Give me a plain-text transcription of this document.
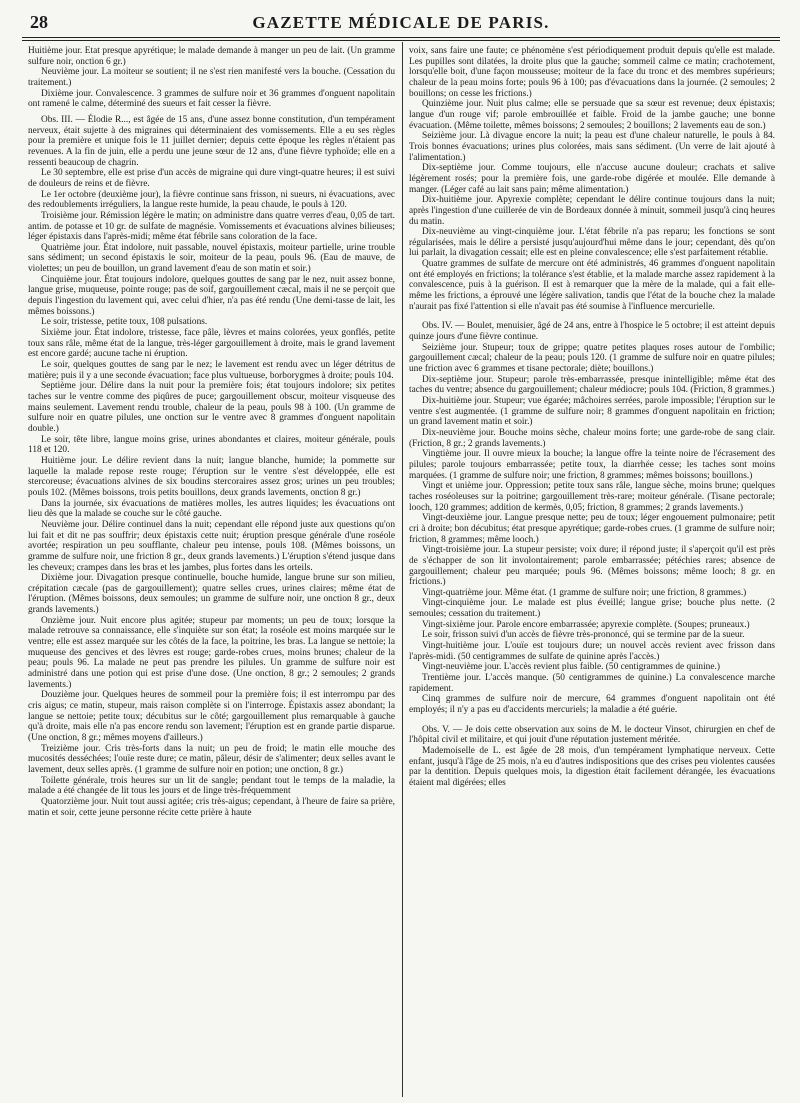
28	GAZETTE MÉDICALE DE PARIS.

Huitième jour. État presque apyrétique; le malade demande à manger un peu de lait. (Un gramme sulfure noir, onction 6 gr.)

Neuvième jour. La moiteur se soutient; il ne s'est rien manifesté vers la bouche. (Cessation du traitement.)

Dixième jour. Convalescence. 3 grammes de sulfure noir et 36 grammes d'onguent napolitain ont ramené le calme, déterminé des sueurs et fait cesser la fièvre.

Obs. III. — Élodie R..., est âgée de 15 ans, d'une assez bonne constitution, d'un tempérament nerveux, était sujette à des migraines qui déterminaient des vomissements. Elle a eu ses règles pour la première et unique fois le 11 juillet dernier; depuis cette époque les règles n'étaient pas revenues. A la fin de juin, elle a perdu une jeune sœur de 12 ans, d'une fièvre typhoïde; elle en a ressenti beaucoup de chagrin.

Le 30 septembre, elle est prise d'un accès de migraine qui dure vingt-quatre heures; il est suivi de douleurs de reins et de fièvre.

Le 1er octobre (deuxième jour), la fièvre continue sans frisson, ni sueurs, ni évacuations, avec des redoublements irréguliers, la langue reste humide, la peau chaude, le pouls à 120.

Troisième jour. Rémission légère le matin; on administre dans quatre verres d'eau, 0,05 de tart. antim. de potasse et 10 gr. de sulfate de magnésie. Vomissements et évacuations alvines bilieuses; léger épistaxis dans l'après-midi; même état fébrile sans coloration de la face.

Quatrième jour. État indolore, nuit passable, nouvel épistaxis, moiteur partielle, urine trouble sans sédiment; un second épistaxis le soir, moiteur de la peau, pouls 96. (Eau de mauve, de violettes; un peu de bouillon, un grand lavement d'eau de son matin et soir.)

Cinquième jour. État toujours indolore, quelques gouttes de sang par le nez, nuit assez bonne, langue grise, muqueuse, pointe rouge; pas de soif, gargouillement cæcal, mais il ne se perçoit que depuis l'ingestion du lavement qui, avec celui d'hier, n'a pas été rendu (Une demi-tasse de lait, les mêmes boissons.)

Le soir, tristesse, petite toux, 108 pulsations.

Sixième jour. État indolore, tristesse, face pâle, lèvres et mains colorées, yeux gonflés, petite toux sans râle, même état de la langue, très-léger gargouillement à droite, mais le grand lavement est encore gardé; aucune tache ni éruption.

Le soir, quelques gouttes de sang par le nez; le lavement est rendu avec un léger détritus de matière; puis il y a une seconde évacuation; face plus vultueuse, borborygmes à droite; pouls 104.

Septième jour. Délire dans la nuit pour la première fois; état toujours indolore; six petites taches sur le ventre comme des piqûres de puce; gargouillement obscur, moiteur visqueuse des mains seulement. Lavement rendu trouble, chaleur de la peau, pouls 98 à 100. (Un gramme de sulfure noir en quatre pilules, une onction sur le ventre avec 8 grammes d'onguent napolitain double.)

Le soir, tête libre, langue moins grise, urines abondantes et claires, moiteur générale, pouls 118 et 120.

Huitième jour. Le délire revient dans la nuit; langue blanche, humide; la pommette sur laquelle la malade repose reste rouge; l'éruption sur le ventre s'est développée, elle est stercoreuse; évacuations alvines de six boudins stercoraires assez gros; urines un peu troubles; pouls 102. (Mêmes boissons, trois petits bouillons, deux grands lavements, onction 8 gr.)

Dans la journée, six évacuations de matières molles, les autres liquides; les évacuations ont lieu dès que la malade se couche sur le côté gauche.

Neuvième jour. Délire continuel dans la nuit; cependant elle répond juste aux questions qu'on lui fait et dit ne pas souffrir; deux épistaxis cette nuit; éruption presque générale d'une roséole avortée; respiration un peu soufflante, chaleur peu intense, pouls 108. (Mêmes boissons, un gramme de sulfure noir, une friction 8 gr., deux grands lavements.) L'éruption s'étend jusque dans les cheveux; crampes dans les bras et les jambes, plus fortes dans les orteils.

Dixième jour. Divagation presque continuelle, bouche humide, langue brune sur son milieu, crépitation cæcale (pas de gargouillement); quatre selles crues, urines claires; même état de l'éruption. (Mêmes boissons, deux semoules; un gramme de sulfure noir, une onction 8 gr., deux grands lavements.)

Onzième jour. Nuit encore plus agitée; stupeur par moments; un peu de toux; lorsque la malade retrouve sa connaissance, elle s'inquiète sur son état; la roséole est moins marquée sur le ventre; elle est assez marquée sur les côtés de la face, la poitrine, les bras. La langue se nettoie; la muqueuse des gencives et des lèvres est rouge; garde-robes crues, moins brunes; chaleur de la peau; pouls 96. La malade ne peut pas prendre les pilules. Un gramme de sulfure noir est administré dans une potion qui est prise d'une dose. (Une onction, 8 gr.; 2 semoules; 2 grands lavements.)

Douzième jour. Quelques heures de sommeil pour la première fois; il est interrompu par des cris aigus; ce matin, stupeur, mais raison complète si on l'interroge. Épistaxis assez abondant; la langue se nettoie; petite toux; décubitus sur le côté; gargouillement plus remarquable à gauche qu'à droite, mais elle n'a pas encore rendu son lavement; l'éruption est en grande partie disparue. (Une onction, 8 gr.; mêmes moyens d'ailleurs.)

Treizième jour. Cris très-forts dans la nuit; un peu de froid; le matin elle mouche des mucosités desséchées; l'ouïe reste dure; ce matin, pâleur, désir de s'alimenter; deux selles avant le lavement, deux selles après. (1 gramme de sulfure noir en potion; une onction, 8 gr.)

Toilette générale, trois heures sur un lit de sangle; pendant tout le temps de la maladie, la malade a été changée de lit tous les jours et de linge très-fréquemment

Quatorzième jour. Nuit tout aussi agitée; cris très-aigus; cependant, à l'heure de faire sa prière, matin et soir, cette jeune personne récite cette prière à haute

voix, sans faire une faute; ce phénomène s'est périodiquement produit depuis qu'elle est malade. Les pupilles sont dilatées, la droite plus que la gauche; sommeil calme ce matin; crachotement, lorsqu'elle boit, d'une façon mousseuse; moiteur de la face du tronc et des membres supérieurs; chaleur de la peau moins forte; pouls 96 à 100; pas d'évacuations dans la journée. (2 semoules; 2 bouillons; on cesse les frictions.)

Quinzième jour. Nuit plus calme; elle se persuade que sa sœur est revenue; deux épistaxis; langue d'un rouge vif; parole embrouillée et faible. Froid de la jambe gauche; une bonne évacuation. (Même toilette, mêmes boissons; 2 semoules; 2 bouillons; 2 lavements eau de son.)

Seizième jour. Là divague encore la nuit; la peau est d'une chaleur naturelle, le pouls à 84. Trois bonnes évacuations; urines plus colorées, mais sans sédiment. (Un verre de lait ajouté à l'alimentation.)

Dix-septième jour. Comme toujours, elle n'accuse aucune douleur; crachats et salive légèrement rosés; pour la première fois, une garde-robe digérée et moulée. Elle demande à manger. (Léger café au lait sans pain; même alimentation.)

Dix-huitième jour. Apyrexie complète; cependant le délire continue toujours dans la nuit; après l'ingestion d'une cuillerée de vin de Bordeaux donnée à minuit, sommeil jusqu'à cinq heures du matin.

Dix-neuvième au vingt-cinquième jour. L'état fébrile n'a pas reparu; les fonctions se sont régularisées, mais le délire a persisté jusqu'aujourd'hui même dans le jour; cependant, dès qu'on lui parlait, la divagation cessait; elle est en pleine convalescence; elle s'est parfaitement rétablie.

Quatre grammes de sulfate de mercure ont été administrés, 46 grammes d'onguent napolitain ont été employés en frictions; la tolérance s'est établie, et la malade marche assez rapidement à la convalescence, puis à la guérison. Il est à remarquer que la mère de la malade, qui a fait elle-même les frictions, a éprouvé une légère salivation, tandis que l'état de la bouche chez la malade n'aurait pas fixé l'attention si elle n'avait pas été soumise à l'influence mercurielle.

Obs. IV. — Boulet, menuisier, âgé de 24 ans, entre à l'hospice le 5 octobre; il est atteint depuis quinze jours d'une fièvre continue.

Seizième jour. Stupeur; toux de grippe; quatre petites plaques roses autour de l'ombilic; gargouillement cæcal; chaleur de la peau; pouls 120. (1 gramme de sulfure noir en quatre pilules; une friction avec 6 grammes et tisane pectorale; diète; bouillons.)

Dix-septième jour. Stupeur; parole très-embarrassée, presque inintelligible; même état des taches du ventre; absence du gargouillement; chaleur médiocre; pouls 104. (Friction, 8 grammes.)

Dix-huitième jour. Stupeur; vue égarée; mâchoires serrées, parole impossible; l'éruption sur le ventre s'est augmentée. (1 gramme de sulfure noir; 8 grammes d'onguent napolitain en friction; un grand lavement matin et soir.)

Dix-neuvième jour. Bouche moins sèche, chaleur moins forte; une garde-robe de sang clair. (Friction, 8 gr.; 2 grands lavements.)

Vingtième jour. Il ouvre mieux la bouche; la langue offre la teinte noire de l'écrasement des pilules; parole toujours embarrassée; petite toux, la diarrhée cesse; les taches sont moins marquées. (1 gramme de sulfure noir; une friction, 8 grammes; mêmes boissons; bouillons.)

Vingt et unième jour. Oppression; petite toux sans râle, langue sèche, moins brune; quelques taches roséoleuses sur la poitrine; gargouillement très-rare; moiteur générale. (Tisane pectorale; looch, 120 grammes; addition de kermès, 0,05; friction, 8 grammes; 2 grands lavements.)

Vingt-deuxième jour. Langue presque nette; peu de toux; léger engouement pulmonaire; petit cri à droite; bon décubitus; état presque apyrétique; garde-robes crues. (1 gramme de sulfure noir; friction, 8 grammes; même looch.)

Vingt-troisième jour. La stupeur persiste; voix dure; il répond juste; il s'aperçoit qu'il est près de s'échapper de son lit involontairement; parole embarrassée; pétéchies rares; absence de gargouillement; chaleur peu marquée; pouls 96. (Mêmes boissons; même looch; 8 gr. en frictions.)

Vingt-quatrième jour. Même état. (1 gramme de sulfure noir; une friction, 8 grammes.)

Vingt-cinquième jour. Le malade est plus éveillé; langue grise; bouche plus nette. (2 semoules; cessation du traitement.)

Vingt-sixième jour. Parole encore embarrassée; apyrexie complète. (Soupes; pruneaux.)

Le soir, frisson suivi d'un accès de fièvre très-prononcé, qui se termine par de la sueur.

Vingt-huitième jour. L'ouïe est toujours dure; un nouvel accès revient avec frisson dans l'après-midi. (50 centigrammes de sulfate de quinine après l'accès.)

Vingt-neuvième jour. L'accès revient plus faible. (50 centigrammes de quinine.)

Trentième jour. L'accès manque. (50 centigrammes de quinine.) La convalescence marche rapidement.

Cinq grammes de sulfure noir de mercure, 64 grammes d'onguent napolitain ont été employés; il n'y a pas eu d'accidents mercuriels; la maladie a été guérie.

Obs. V. — Je dois cette observation aux soins de M. le docteur Vinsot, chirurgien en chef de l'hôpital civil et militaire, et qui jouit d'une réputation justement méritée.

Mademoiselle de L. est âgée de 28 mois, d'un tempérament lymphatique nerveux. Cette enfant, jusqu'à l'âge de 25 mois, n'a eu d'autres indispositions que des crises peu violentes causées par la dentition. Depuis quelques mois, la digestion était facilement dérangée, les évacuations étaient mal digérées; elles
